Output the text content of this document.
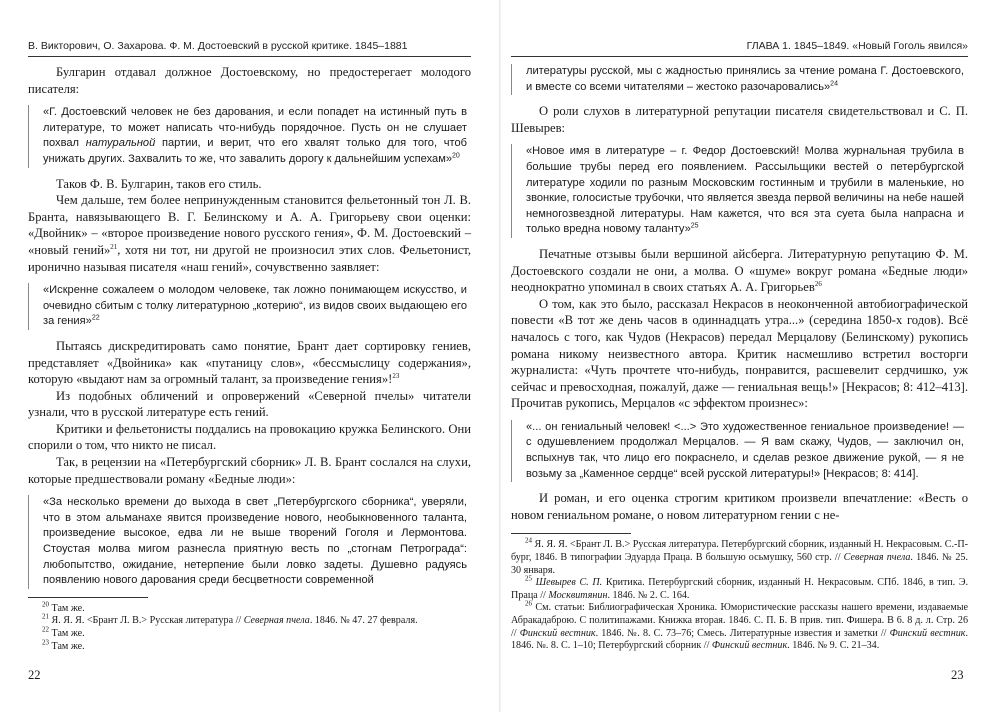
В. Викторович, О. Захарова. Ф. М. Достоевский в русской критике. 1845–1881

Булгарин отдавал должное Достоевскому, но предостерегает молодого писателя:

«Г. Достоевский человек не без дарования, и если попадет на истинный путь в литературе, то может написать что-нибудь порядочное. Пусть он не слушает похвал натуральной партии, и верит, что его хвалят только для того, чтоб унижать других. Захвалить то же, что завалить дорогу к дальнейшим успехам»$^{20}$

Таков Ф. В. Булгарин, таков его стиль.

Чем дальше, тем более непринужденным становится фельетонный тон Л. В. Бранта, навязывающего В. Г. Белинскому и А. А. Григорьеву свои оценки: «Двойник» – «второе произведение нового русского гения», Ф. М. Достоевский – «новый гений»$^{21}$, хотя ни тот, ни другой не произносил этих слов. Фельетонист, иронично называя писателя «наш гений», сочувственно заявляет:

«Искренне сожалеем о молодом человеке, так ложно понимающем искусство, и очевидно сбитым с толку литературною „котерию“, из видов своих выдающею его за гения»$^{22}$

Пытаясь дискредитировать само понятие, Брант дает сортировку гениев, представляет «Двойника» как «путаницу слов», «бессмыслицу содержания», которую «выдают нам за огромный талант, за произведение гения»!$^{23}$

Из подобных обличений и опровержений «Северной пчелы» читатели узнали, что в русской литературе есть гений.

Критики и фельетонисты поддались на провокацию кружка Белинского. Они спорили о том, что никто не писал.

Так, в рецензии на «Петербургский сборник» Л. В. Брант сослался на слухи, которые предшествовали роману «Бедные люди»:

«За несколько времени до выхода в свет „Петербургского сборника“, уверяли, что в этом альманахе явится произведение нового, необыкновенного таланта, произведение высокое, едва ли не выше творений Гоголя и Лермонтова. Стоустая молва мигом разнесла приятную весть по „стогнам Петрограда“: любопытство, ожидание, нетерпение были ловко задеты. Душевно радуясь появлению нового дарования среди бесцветности современной

$^{20}$ Там же.

$^{21}$ Я. Я. Я. <Брант Л. В.> Русская литература // Северная пчела. 1846. № 47. 27 февраля.

$^{22}$ Там же.

$^{23}$ Там же.

22
ГЛАВА 1. 1845–1849. «Новый Гоголь явился»
литературы русской, мы с жадностью принялись за чтение романа Г. Достоевского, и вместе со всеми читателями – жестоко разочаровались»$^{24}$

О роли слухов в литературной репутации писателя свидетельствовал и С. П. Шевырев:

«Новое имя в литературе – г. Федор Достоевский! Молва журнальная трубила в большие трубы перед его появлением. Рассыльщики вестей о петербургской литературе ходили по разным Московским гостинным и трубили в маленькие, но звонкие, голосистые трубочки, что является звезда первой величины на небе нашей немногозвездной литературы. Нам кажется, что вся эта суета была напрасна и только вредна новому таланту»$^{25}$

Печатные отзывы были вершиной айсберга. Литературную репутацию Ф. М. Достоевского создали не они, а молва. О «шуме» вокруг романа «Бедные люди» неоднократно упоминал в своих статьях А. А. Григорьев$^{26}$

О том, как это было, рассказал Некрасов в неоконченной автобиографической повести «В тот же день часов в одиннадцать утра...» (середина 1850-х годов). Всё началось с того, как Чудов (Некрасов) передал Мерцалову (Белинскому) рукопись романа никому неизвестного автора. Критик насмешливо встретил восторги журналиста: «Чуть прочтете что-нибудь, понравится, расшевелит сердчишко, уж сейчас и превосходная, пожалуй, даже — гениальная вещь!» [Некрасов; 8: 412–413]. Прочитав рукопись, Мерцалов «с эффектом произнес»:

«... он гениальный человек! <...> Это художественное гениальное произведение! — с одушевлением продолжал Мерцалов. — Я вам скажу, Чудов, — заключил он, вспыхнув так, что лицо его покраснело, и сделав резкое движение рукой, — я не возьму за „Каменное сердце“ всей русской литературы!» [Некрасов; 8: 414].

И роман, и его оценка строгим критиком произвели впечатление: «Весть о новом гениальном романе, о новом литературном гении с не-

$^{24}$ Я. Я. Я. <Брант Л. В.> Русская литература. Петербургский сборник, изданный Н. Некрасовым. С.-П-бург, 1846. В типографии Эдуарда Праца. В большую осьмушку, 560 стр. // Северная пчела. 1846. № 25. 30 января.

$^{25}$ Шевырев С. П. Критика. Петербургский сборник, изданный Н. Некрасовым. СПб. 1846, в тип. Э. Праца // Москвитянин. 1846. № 2. С. 164.

$^{26}$ См. статьи: Библиографическая Хроника. Юмористические рассказы нашего времени, издаваемые Абракадаброю. С политипажами. Книжка вторая. 1846. С. П. Б. В прив. тип. Фишера. В 6. 8 д. л. Стр. 26 // Финский вестник. 1846. №. 8. С. 73–76; Смесь. Литературные известия и заметки // Финский вестник. 1846. №. 8. С. 1–10; Петербургский сборник // Финский вестник. 1846. № 9. С. 21–34.

23
